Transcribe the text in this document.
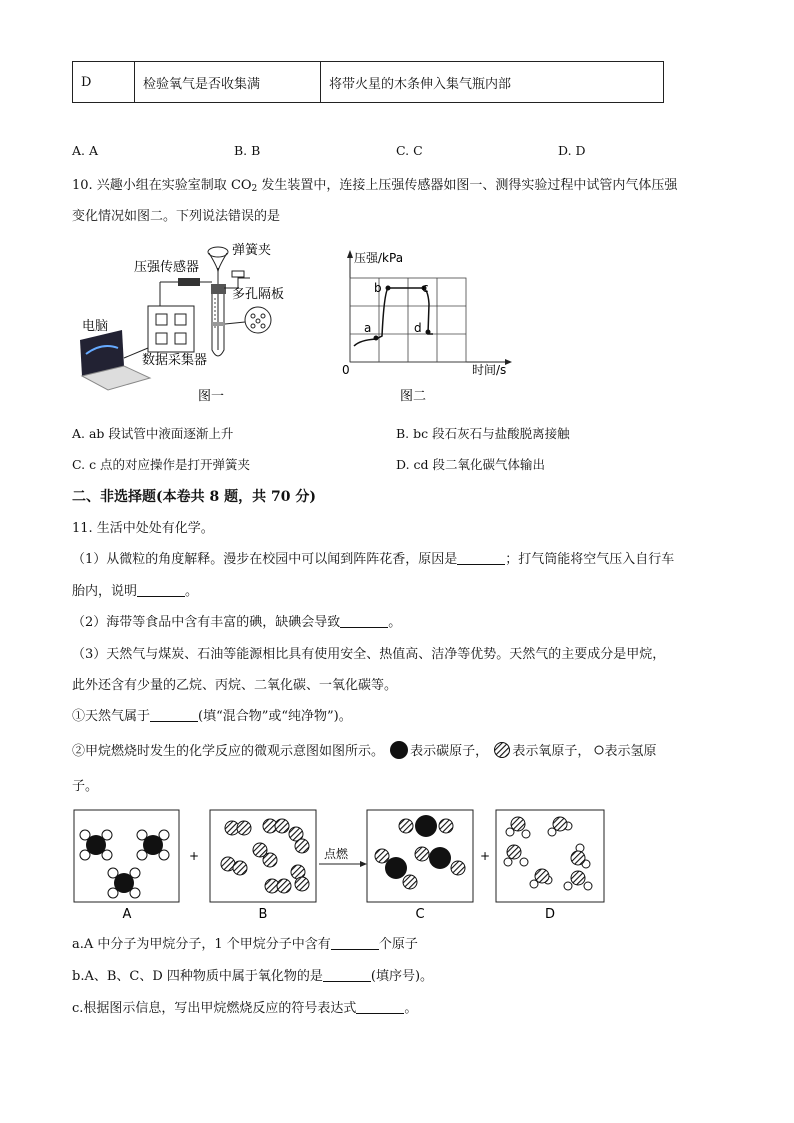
D	检验氧气是否收集满	将带火星的木条伸入集气瓶内部
A. A	B. B	C. C	D. D
10. 兴趣小组在实验室制取 $CO_2$ 发生装置中，连接上压强传感器如图一、测得实验过程中试管内气体压强
变化情况如图二。下列说法错误的是
弹簧夹
压强传感器
多孔隔板
电脑
数据采集器
图一
a
b	c
d
压强/kPa
时间/s
0
图二
A. ab 段试管中液面逐渐上升	B. bc 段石灰石与盐酸脱离接触
C. c 点的对应操作是打开弹簧夹	D. cd 段二氧化碳气体输出
二、非选择题(本卷共 8 题，共 70 分)
11. 生活中处处有化学。
（1）从微粒的角度解释。漫步在校园中可以闻到阵阵花香，原因是	；打气筒能将空气压入自行车
胎内，说明	。
（2）海带等食品中含有丰富的碘，缺碘会导致	。
（3）天然气与煤炭、石油等能源相比具有使用安全、热值高、洁净等优势。天然气的主要成分是甲烷，
此外还含有少量的乙烷、丙烷、二氧化碳、一氧化碳等。
①天然气属于	(填“混合物”或“纯净物”)。
②甲烷燃烧时发生的化学反应的微观示意图如图所示。 表示碳原子， 表示氧原子， 表示氢原
子。
+	点燃	+
A	B	C	D
a.A 中分子为甲烷分子，1 个甲烷分子中含有	个原子
b.A、B、C、D 四种物质中属于氧化物的是	(填序号)。
c.根据图示信息，写出甲烷燃烧反应的符号表达式	。
